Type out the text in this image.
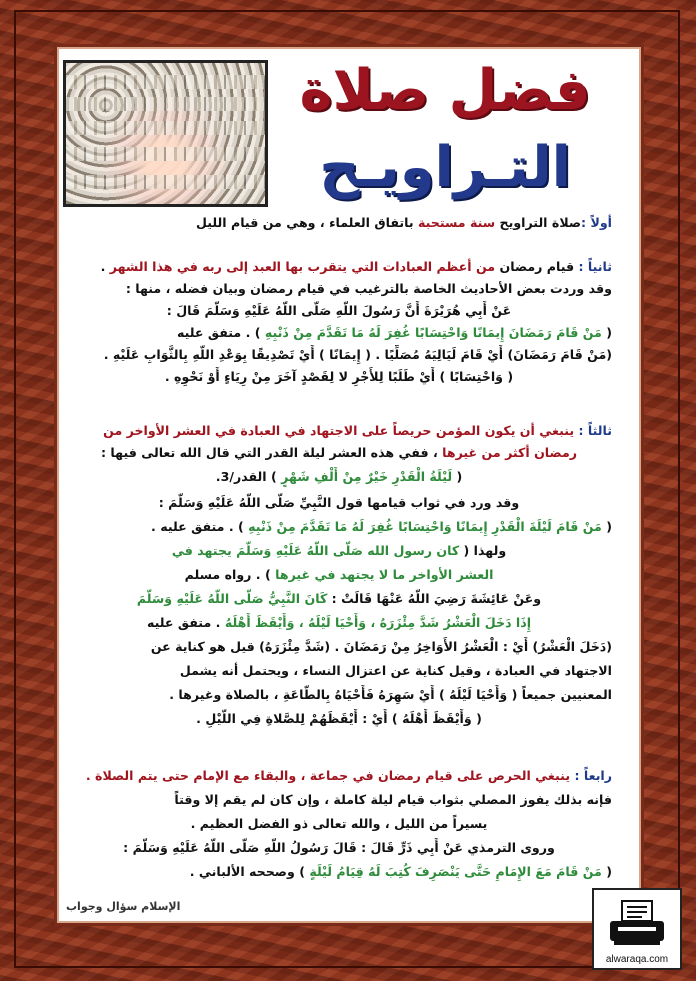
فضل صلاة
التـراويـح
أولاً :صلاة التراويح سنة مستحبة باتفاق العلماء ، وهي من قيام الليل
ثانياً : قيام رمضان من أعظم العبادات التي يتقرب بها العبد إلى ربه في هذا الشهر .
وقد وردت بعض الأحاديث الخاصة بالترغيب في قيام رمضان وبيان فضله ، منها :
عَنْ أَبِي هُرَيْرَةَ أَنَّ رَسُولَ اللَّهِ صَلَّى اللَّهُ عَلَيْهِ وَسَلَّمَ قَالَ :
( مَنْ قَامَ رَمَضَانَ إِيمَانًا وَاحْتِسَابًا غُفِرَ لَهُ مَا تَقَدَّمَ مِنْ ذَنْبِهِ ) . متفق عليه
(مَنْ قَامَ رَمَضَانَ) أَيْ قَامَ لَيَالِيَهُ مُصَلِّيًا . ( إِيمَانًا ) أَيْ تَصْدِيقًا بِوَعْدِ اللَّهِ بِالثَّوَابِ عَلَيْهِ .
( وَاحْتِسَابًا ) أَيْ طَلَبًا لِلأَجْرِ لا لِقَصْدٍ آخَرَ مِنْ رِيَاءٍ أَوْ نَحْوِهِ .
ثالثاً : ينبغي أن يكون المؤمن حريصاً على الاجتهاد في العبادة في العشر الأواخر من
رمضان أكثر من غيرها ، ففي هذه العشر ليلة القدر التي قال الله تعالى فيها :
( لَيْلَةُ الْقَدْرِ خَيْرٌ مِنْ أَلْفِ شَهْرٍ ) القدر/3.
وقد ورد في ثواب قيامها قول النَّبِيِّ صَلَّى اللَّهُ عَلَيْهِ وَسَلَّمَ :
( مَنْ قَامَ لَيْلَةَ الْقَدْرِ إِيمَانًا وَاحْتِسَابًا غُفِرَ لَهُ مَا تَقَدَّمَ مِنْ ذَنْبِهِ ) . متفق عليه .
ولهذا ( كان رسول الله صَلَّى اللَّهُ عَلَيْهِ وَسَلَّمَ يجتهد في
العشر الأواخر ما لا يجتهد في غيرها ) . رواه مسلم
وعَنْ عَائِشَةَ رَضِيَ اللَّهُ عَنْهَا قَالَتْ : كَانَ النَّبِيُّ صَلَّى اللَّهُ عَلَيْهِ وَسَلَّمَ
إِذَا دَخَلَ الْعَشْرُ شَدَّ مِئْزَرَهُ ، وَأَحْيَا لَيْلَهُ ، وَأَيْقَظَ أَهْلَهُ . متفق عليه
(دَخَلَ الْعَشْرُ) أَيْ : الْعَشْرُ الأَوَاخِرُ مِنْ رَمَضَانَ . (شَدَّ مِئْزَرَهُ) قيل هو كناية عن
الاجتهاد في العبادة ، وقيل كناية عن اعتزال النساء ، ويحتمل أنه يشمل
المعنيين جميعاً ( وَأَحْيَا لَيْلَهُ ) أَيْ سَهِرَهُ فَأَحْيَاهُ بِالطَّاعَةِ ، بالصلاة وغيرها .
( وَأَيْقَظَ أَهْلَهُ ) أَيْ : أَيْقَظَهُمْ لِلصَّلاةِ فِي اللَّيْلِ .
رابعاً : ينبغي الحرص على قيام رمضان في جماعة ، والبقاء مع الإمام حتى يتم الصلاة .
فإنه بذلك يفوز المصلي بثواب قيام ليلة كاملة ، وإن كان لم يقم إلا وقتاً
يسيراً من الليل ، والله تعالى ذو الفضل العظيم .
وروى الترمذي عَنْ أَبِي ذَرٍّ قَالَ : قَالَ رَسُولُ اللَّهِ صَلَّى اللَّهُ عَلَيْهِ وَسَلَّمَ :
( مَنْ قَامَ مَعَ الإِمَامِ حَتَّى يَنْصَرِفَ كُتِبَ لَهُ قِيَامُ لَيْلَةٍ ) وصححه الألباني .
الإسلام سؤال وجواب
alwaraqa.com
